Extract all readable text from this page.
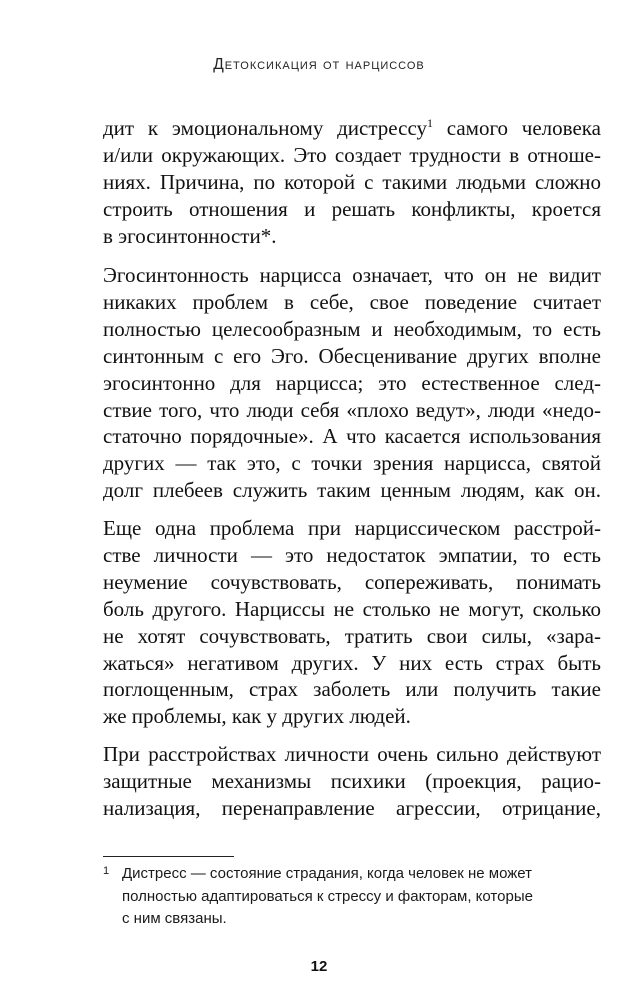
Детоксикация от нарциссов
дит к эмоциональному дистрессу$^1$ самого человека
и/или окружающих. Это создает трудности в отноше-
ниях. Причина, по которой с такими людьми сложно
строить отношения и решать конфликты, кроется
в эгосинтонности*.
Эгосинтонность нарцисса означает, что он не видит
никаких проблем в себе, свое поведение считает
полностью целесообразным и необходимым, то есть
синтонным с его Эго. Обесценивание других вполне
эгосинтонно для нарцисса; это естественное след-
ствие того, что люди себя «плохо ведут», люди «недо-
статочно порядочные». А что касается использования
других — так это, с точки зрения нарцисса, святой
долг плебеев служить таким ценным людям, как он.
Еще одна проблема при нарциссическом расстрой-
стве личности — это недостаток эмпатии, то есть
неумение сочувствовать, сопереживать, понимать
боль другого. Нарциссы не столько не могут, сколько
не хотят сочувствовать, тратить свои силы, «зара-
жаться» негативом других. У них есть страх быть
поглощенным, страх заболеть или получить такие
же проблемы, как у других людей.
При расстройствах личности очень сильно действуют
защитные механизмы психики (проекция, рацио-
нализация, перенаправление агрессии, отрицание,
1 Дистресс — состояние страдания, когда человек не может
полностью адаптироваться к стрессу и факторам, которые
с ним связаны.
12
